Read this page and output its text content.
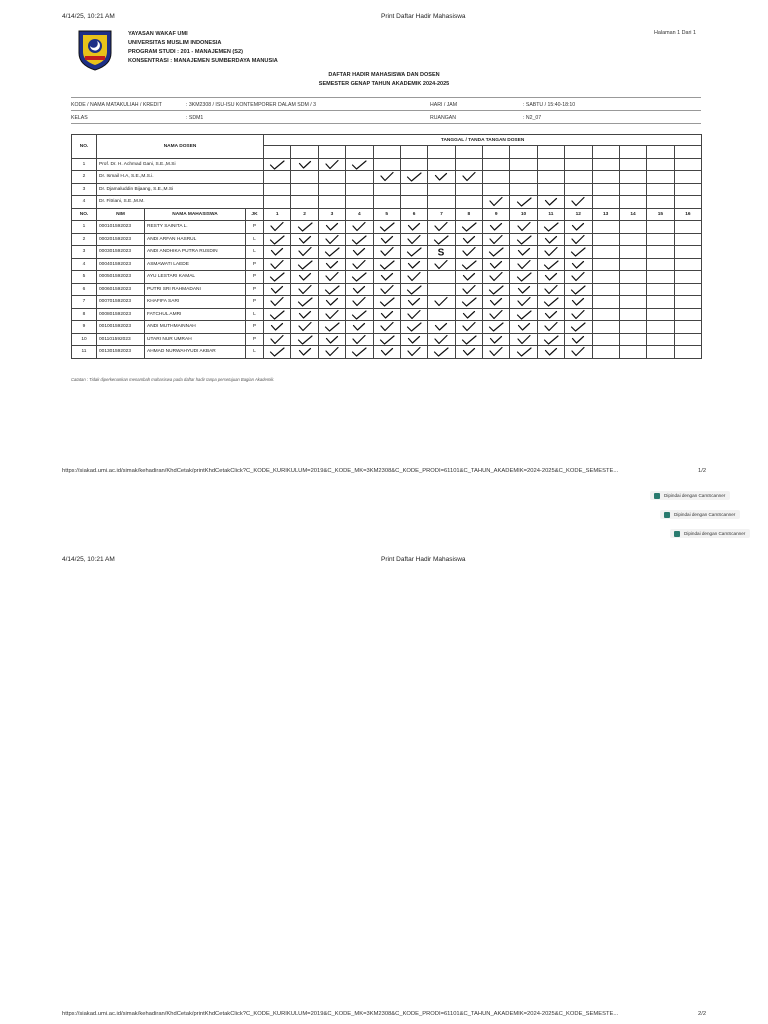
4/14/25, 10:21 AM	Print Daftar Hadir Mahasiswa
YAYASAN WAKAF UMI
UNIVERSITAS MUSLIM INDONESIA
PROGRAM STUDI : 201 - MANAJEMEN (S2)
KONSENTRASI : MANAJEMEN SUMBERDAYA MANUSIA
Halaman 1 Dari 1
DAFTAR HADIR MAHASISWA DAN DOSEN
SEMESTER GENAP TAHUN AKADEMIK 2024-2025
KODE / NAMA MATAKULIAH / KREDIT	: 3KM2308 / ISU-ISU KONTEMPORER DALAM SDM / 3	HARI / JAM	: SABTU / 15:40-18:10
KELAS	: SDM1	RUANGAN	: N2_07
NO.	NAMA DOSEN			TANGGAL / TANDA TANGAN DOSEN															

1	Prof. Dr. H. Achmad Gani, S.E.,M.Si	

2	Dr. Ismail H.A, S.E.,M.S.i.					

3	Dr. Djamaluddin Bijaang, S.E.,M.Si																		
4	Dr. Fitriani, S.E.,M.M.									

NO.	NIM	NAMA MAHASISWA	JK	1	2	3	4	5	6	7	8	9	10	11	12	13	14	15	16
1	000101592023	RESTY SAINITA L.	P	

2	000201592023	ANDI ARFAN HASRUL	L	

3	000301592023	ANDI ANDHIKA PUTRA RUSDIN	L							S

4	000401592023	ASMAWATI LAEDE	P	

5	000501592023	AYU LESTARI KAMAL	P	

6	000601592023	PUTRI SRI RAHMADANI	P	

7	000701592023	KHAFIFA SARI	P	

8	000801592023	FATCHUL AMRI	L	

9	001001592023	ANDI MUTHMAINNAH	P	

10	001101592023	UTARI NUR UMRAH	P	

11	001301592023	AHMAD NURWAHYUDI AKBAR	L	

Catatan : Tidak diperkenankan menambah mahasiswa pada daftar hadir tanpa persetujuan Bagian Akademik.
https://siakad.umi.ac.id/simak/kehadiran/KhdCetak/printKhdCetakClick?C_KODE_KURIKULUM=2019&C_KODE_MK=3KM2308&C_KODE_PRODI=61101&C_TAHUN_AKADEMIK=2024-2025&C_KODE_SEMESTE...	1/2
Dipindai dengan CamScanner
Dipindai dengan CamScanner
Dipindai dengan CamScanner
4/14/25, 10:21 AM	Print Daftar Hadir Mahasiswa
https://siakad.umi.ac.id/simak/kehadiran/KhdCetak/printKhdCetakClick?C_KODE_KURIKULUM=2019&C_KODE_MK=3KM2308&C_KODE_PRODI=61101&C_TAHUN_AKADEMIK=2024-2025&C_KODE_SEMESTE...	2/2
